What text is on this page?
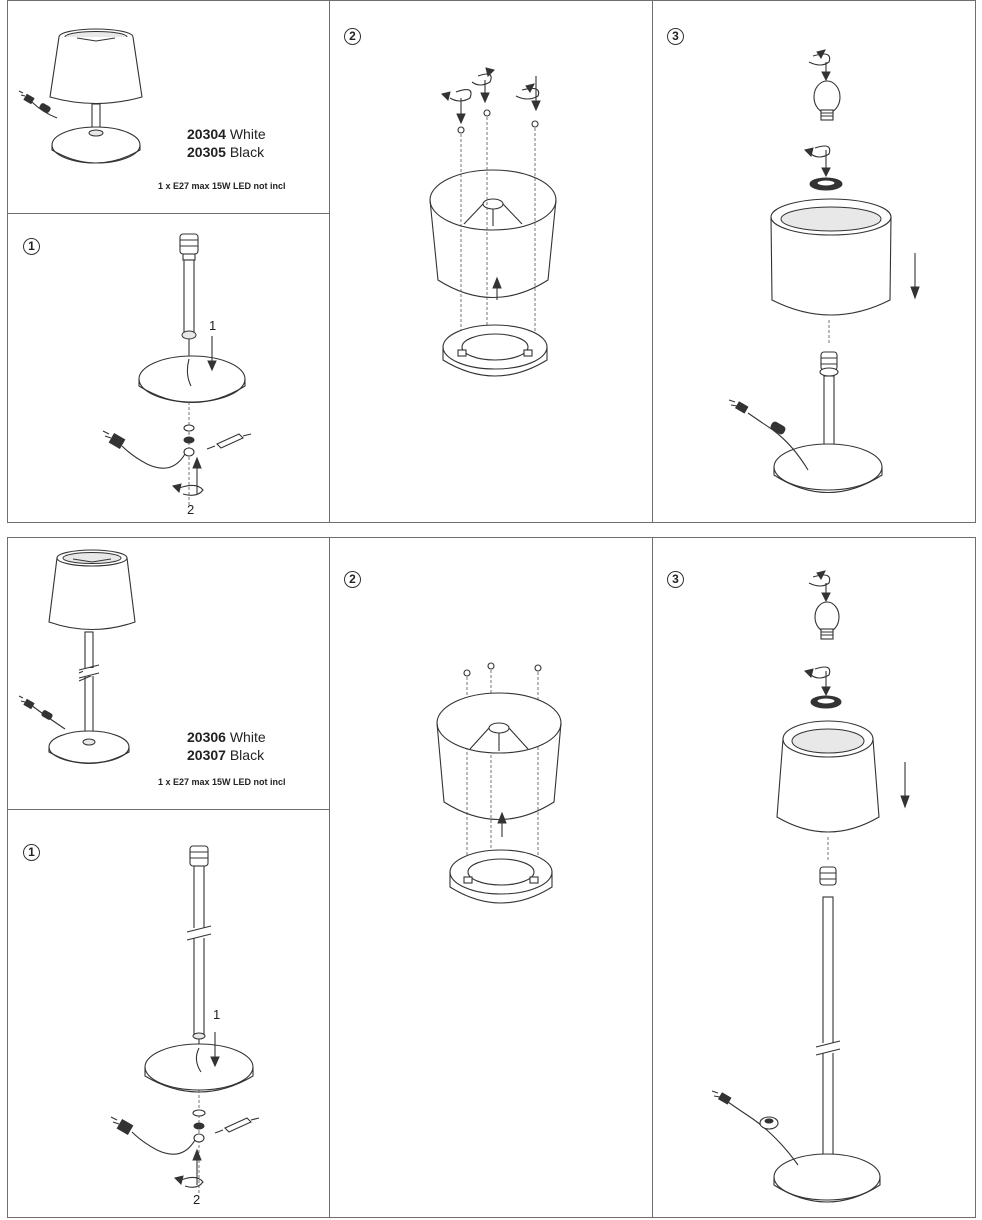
20304 White
20305 Black
1 x E27 max 15W LED not incl
1
1
2
2	3
20306 White
20307 Black
1 x E27 max 15W LED not incl
1
1
2
2	3
